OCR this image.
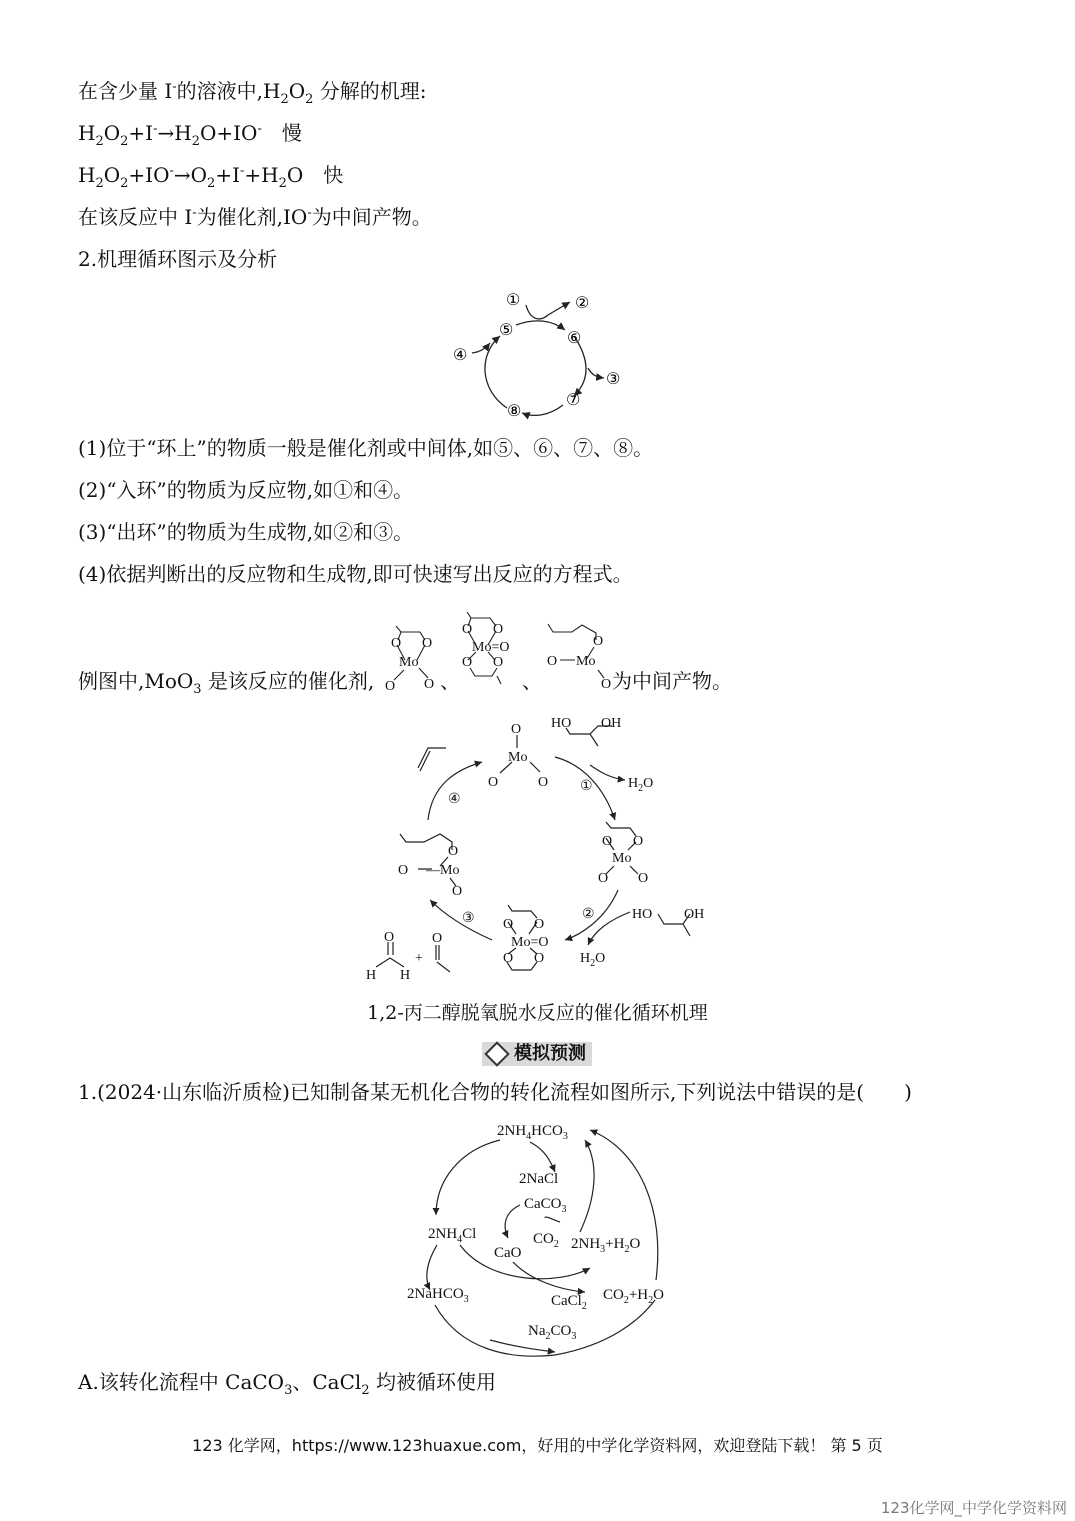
在含少量 I-的溶液中$,H_2O_2$ 分解的机理:
$H_2O_2+I^-\to H_2O+IO^-$　慢
$H_2O_2+IO^-\to O_2+I^-+H_2O$　快
在该反应中 I-为催化剂,IO-为中间产物。
2.机理循环图示及分析
①	②
③
④
⑤	⑥
⑦
⑧
(1)位于“环上”的物质一般是催化剂或中间体,如⑤、⑥、⑦、⑧。
(2)“入环”的物质为反应物,如①和④。
(3)“出环”的物质为生成物,如②和③。
(4)依据判断出的反应物和生成物,即可快速写出反应的方程式。
例图中,MoO$_3$ 是该反应的催化剂,	、	、	为中间产物。
O O
Mo
O O
O O
Mo=O
O O
O
O Mo
O
O
Mo
O	O
HO OH
①	$H_2O$
O O
Mo
O O
②	HO OH
$H_2O$
O O
Mo=O
O O
③
④
O
O —Mo
O
O
H H
+
O
1,2-丙二醇脱氧脱水反应的催化循环机理
模拟预测
1.(2024·山东临沂质检)已知制备某无机化合物的转化流程如图所示,下列说法中错误的是(　　)
$2NH_4HCO_3$
2NaCl
CaCO$_3$
$2NH_4Cl$	$CO_2$ $2NH_3+H_2O$
CaO
2NaHCO$_3$	CaCl$_2$
$CO_2+H_2O$
$Na_2CO_3$
A.该转化流程中 CaCO$_3$、CaCl$_2$ 均被循环使用
123 化学网，https://www.123huaxue.com，好用的中学化学资料网，欢迎登陆下载！ 第 5 页
123化学网_中学化学资料网
